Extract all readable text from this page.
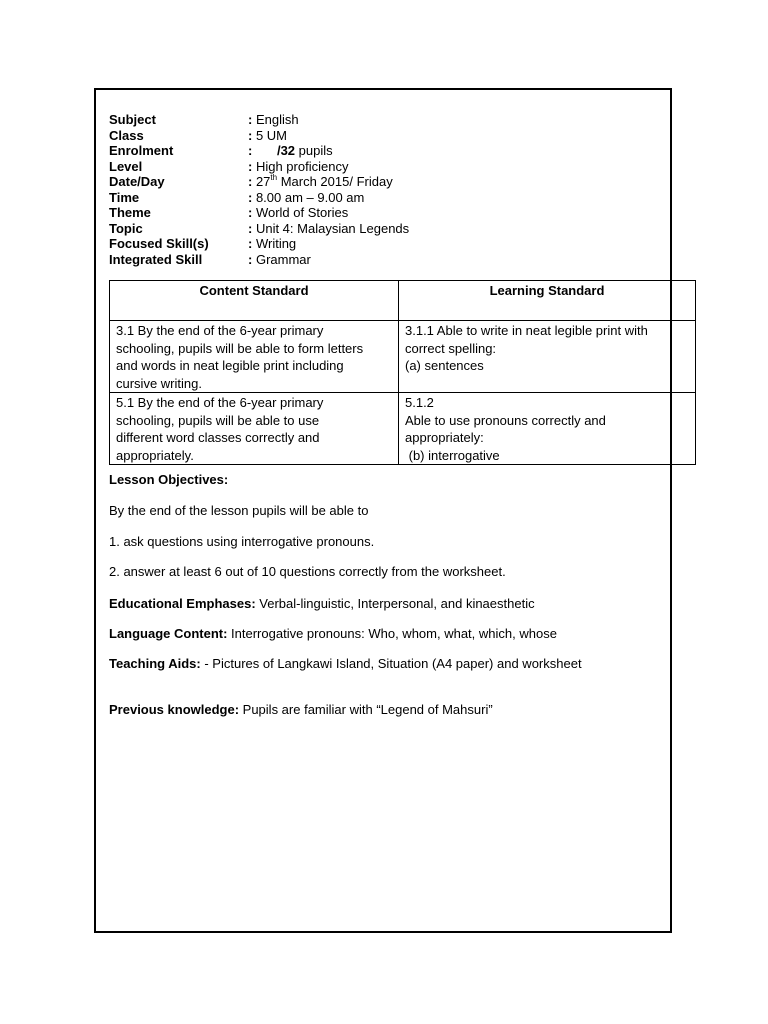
Subject	: English
Class	: 5 UM
Enrolment	: /32 pupils
Level	: High proficiency
Date/Day	: 27th March 2015/ Friday
Time	: 8.00 am – 9.00 am
Theme	: World of Stories
Topic	: Unit 4: Malaysian Legends
Focused Skill(s)	: Writing
Integrated Skill	: Grammar
Content Standard	Learning Standard

3.1 By the end of the 6-year primary
schooling, pupils will be able to form letters
and words in neat legible print including
cursive writing.	3.1.1 Able to write in neat legible print with
correct spelling:
(a) sentences

5.1 By the end of the 6-year primary
schooling, pupils will be able to use
different word classes correctly and
appropriately.	5.1.2
Able to use pronouns correctly and
appropriately:
(b) interrogative
Lesson Objectives:
By the end of the lesson pupils will be able to
1. ask questions using interrogative pronouns.
2. answer at least 6 out of 10 questions correctly from the worksheet.
Educational Emphases: Verbal-linguistic, Interpersonal, and kinaesthetic
Language Content: Interrogative pronouns: Who, whom, what, which, whose
Teaching Aids: - Pictures of Langkawi Island, Situation (A4 paper) and worksheet
Previous knowledge: Pupils are familiar with “Legend of Mahsuri”
